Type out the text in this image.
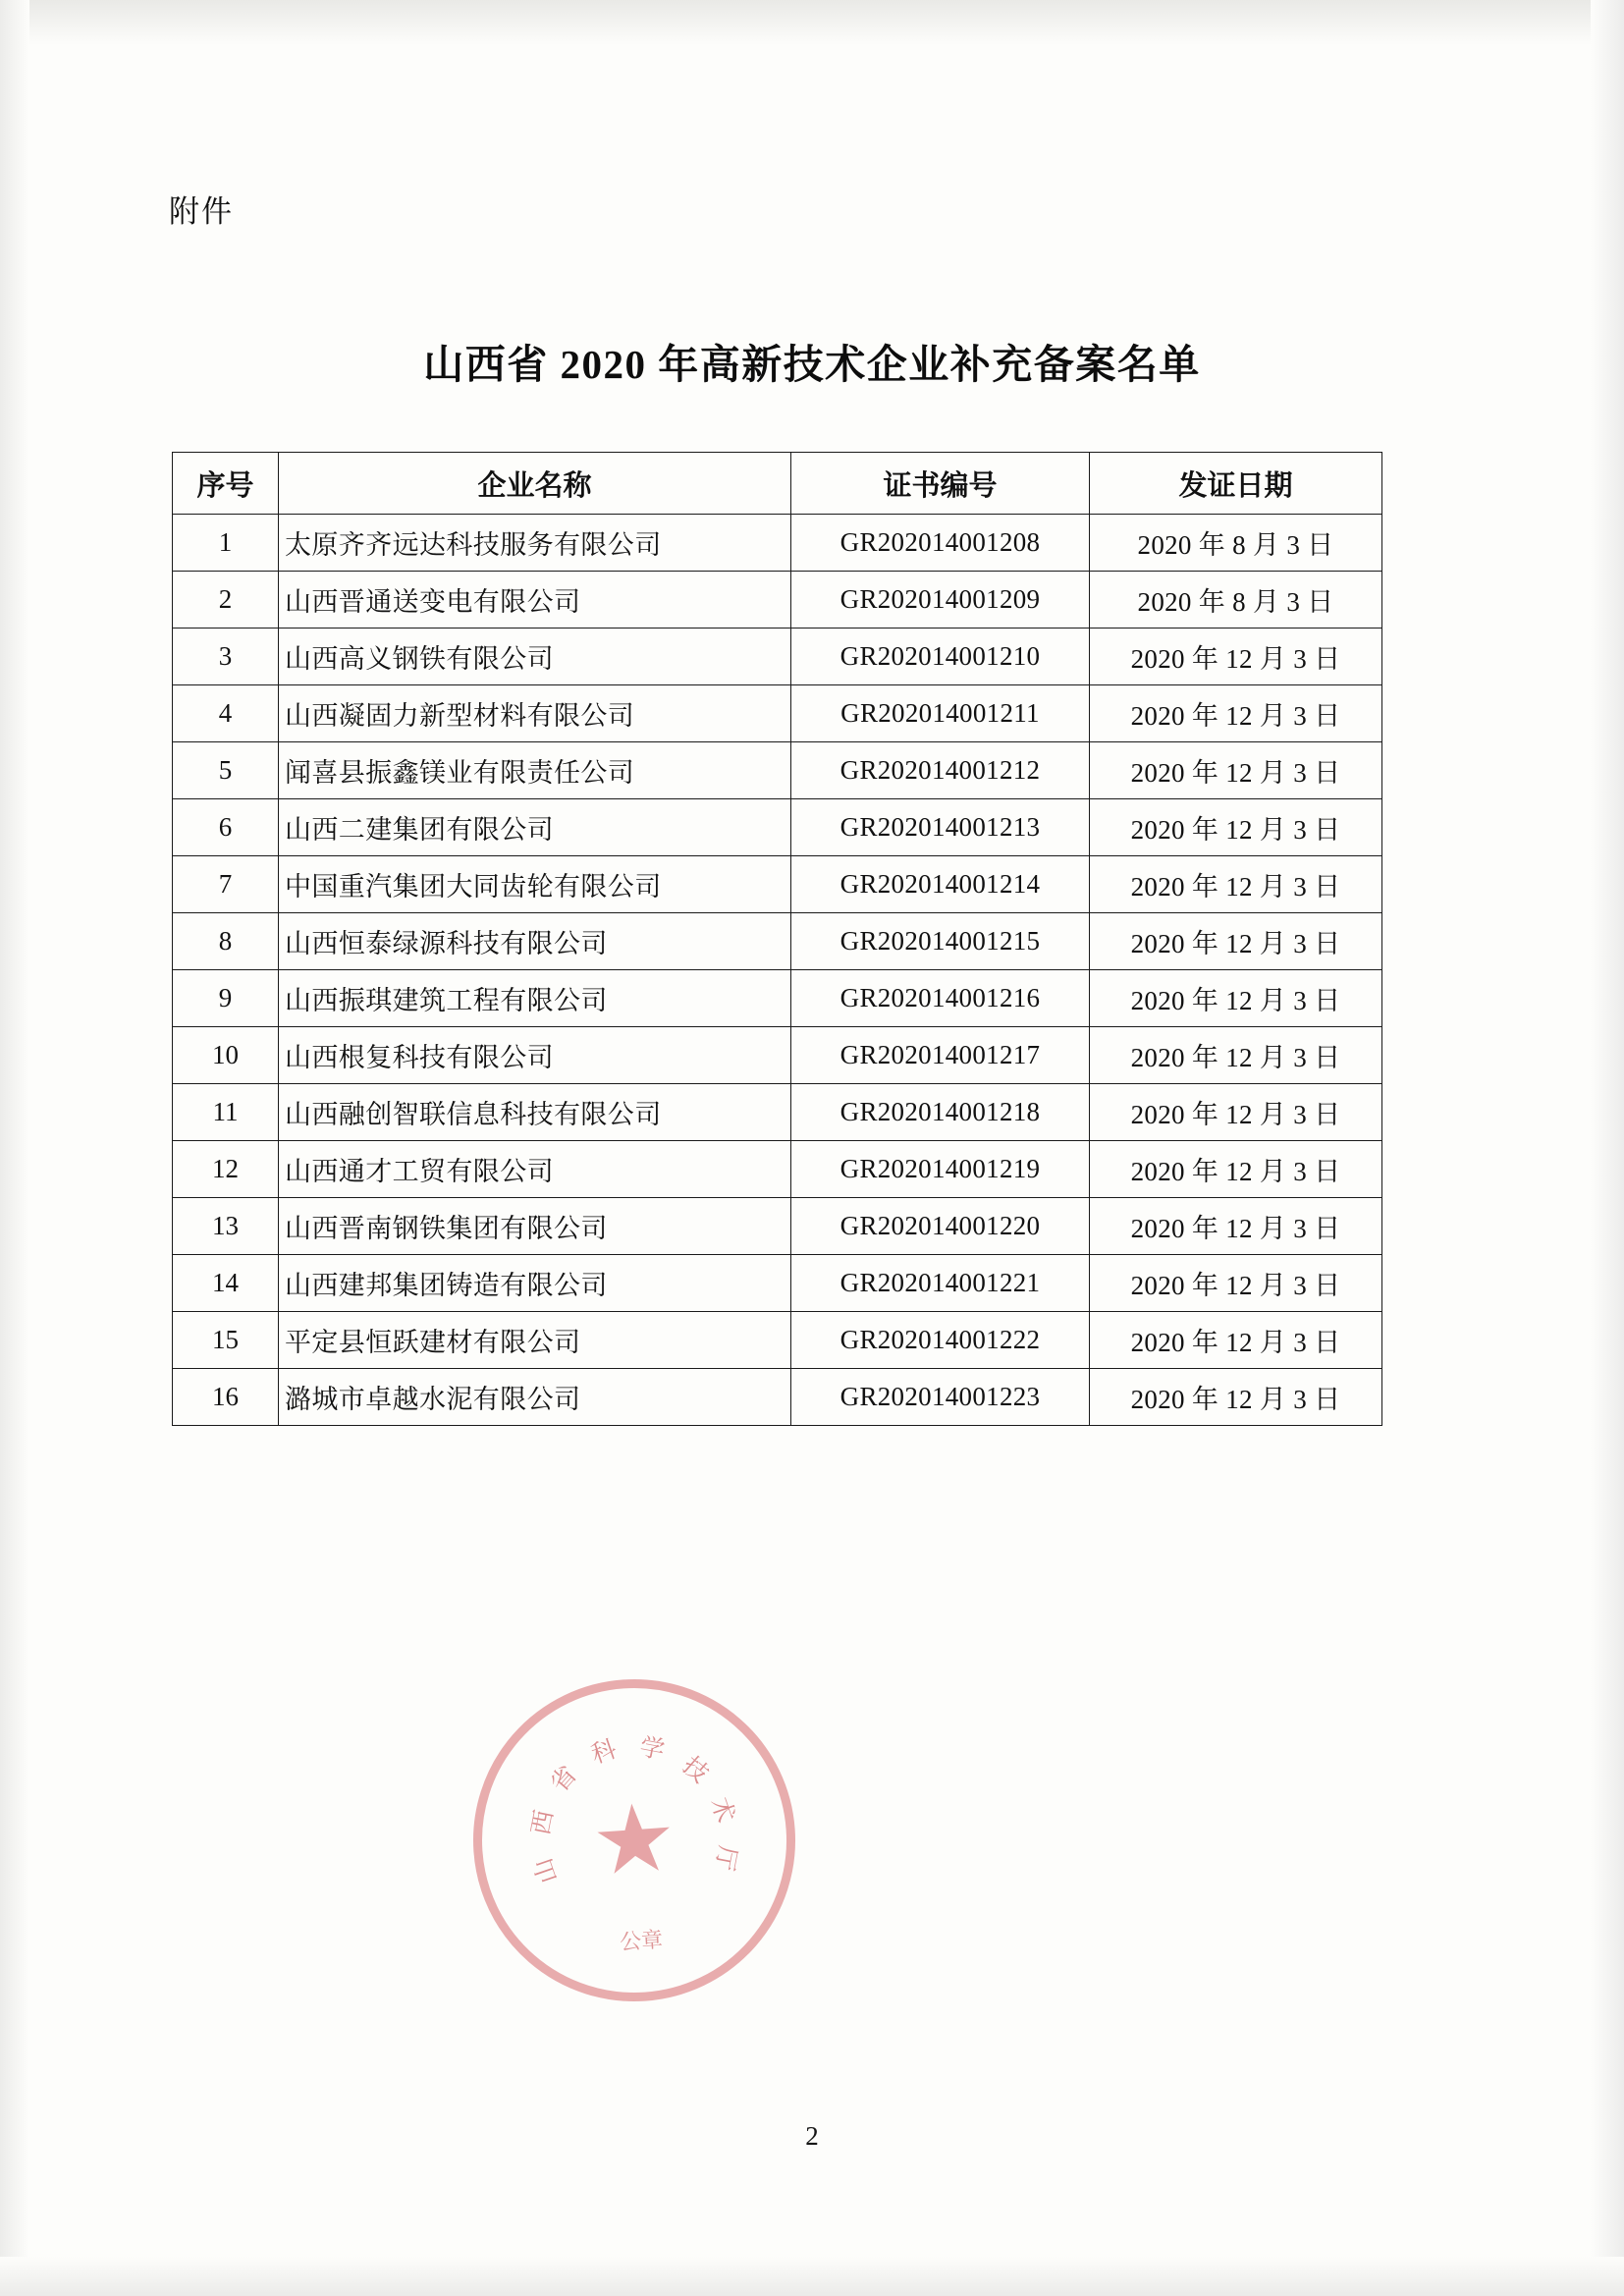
附件
山西省 2020 年高新技术企业补充备案名单
序号	企业名称	证书编号	发证日期
1	太原齐齐远达科技服务有限公司	GR202014001208	2020 年 8 月 3 日
2	山西晋通送变电有限公司	GR202014001209	2020 年 8 月 3 日
3	山西高义钢铁有限公司	GR202014001210	2020 年 12 月 3 日
4	山西凝固力新型材料有限公司	GR202014001211	2020 年 12 月 3 日
5	闻喜县振鑫镁业有限责任公司	GR202014001212	2020 年 12 月 3 日
6	山西二建集团有限公司	GR202014001213	2020 年 12 月 3 日
7	中国重汽集团大同齿轮有限公司	GR202014001214	2020 年 12 月 3 日
8	山西恒泰绿源科技有限公司	GR202014001215	2020 年 12 月 3 日
9	山西振琪建筑工程有限公司	GR202014001216	2020 年 12 月 3 日
10	山西根复科技有限公司	GR202014001217	2020 年 12 月 3 日
11	山西融创智联信息科技有限公司	GR202014001218	2020 年 12 月 3 日
12	山西通才工贸有限公司	GR202014001219	2020 年 12 月 3 日
13	山西晋南钢铁集团有限公司	GR202014001220	2020 年 12 月 3 日
14	山西建邦集团铸造有限公司	GR202014001221	2020 年 12 月 3 日
15	平定县恒跃建材有限公司	GR202014001222	2020 年 12 月 3 日
16	潞城市卓越水泥有限公司	GR202014001223	2020 年 12 月 3 日
山
西
省
科 学
技
术
厅
★
公章
2
